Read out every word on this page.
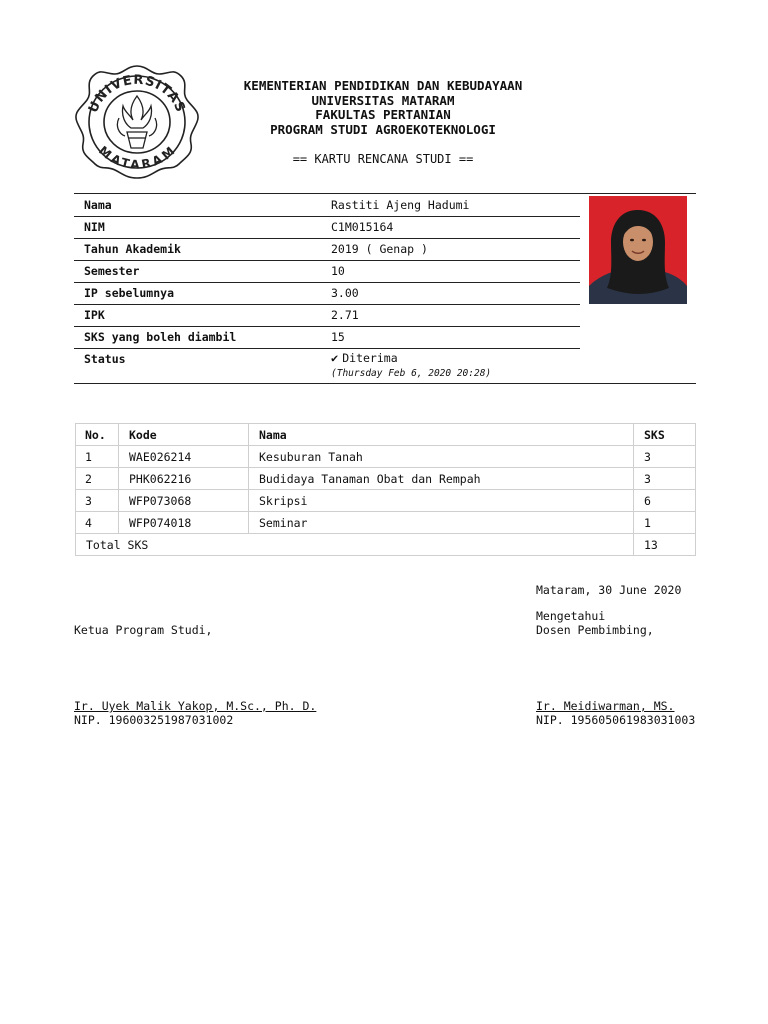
UNIVERSITAS
MATARAM
KEMENTERIAN PENDIDIKAN DAN KEBUDAYAAN
UNIVERSITAS MATARAM
FAKULTAS PERTANIAN
PROGRAM STUDI AGROEKOTEKNOLOGI
== KARTU RENCANA STUDI ==
Nama	Rastiti Ajeng Hadumi
NIM	C1M015164
Tahun Akademik	2019 ( Genap )
Semester	10
IP sebelumnya	3.00
IPK	2.71
SKS yang boleh diambil	15
Status	✔ Diterima
(Thursday Feb 6, 2020 20:28)
No.	Kode	Nama	SKS
1	WAE026214	Kesuburan Tanah	3
2	PHK062216	Budidaya Tanaman Obat dan Rempah	3
3	WFP073068	Skripsi	6
4	WFP074018	Seminar	1
Total SKS			13
Mataram, 30 June 2020
Mengetahui
Dosen Pembimbing,
Ketua Program Studi,
Ir. Uyek Malik Yakop, M.Sc., Ph. D.
NIP. 196003251987031002
Ir. Meidiwarman, MS.
NIP. 195605061983031003
